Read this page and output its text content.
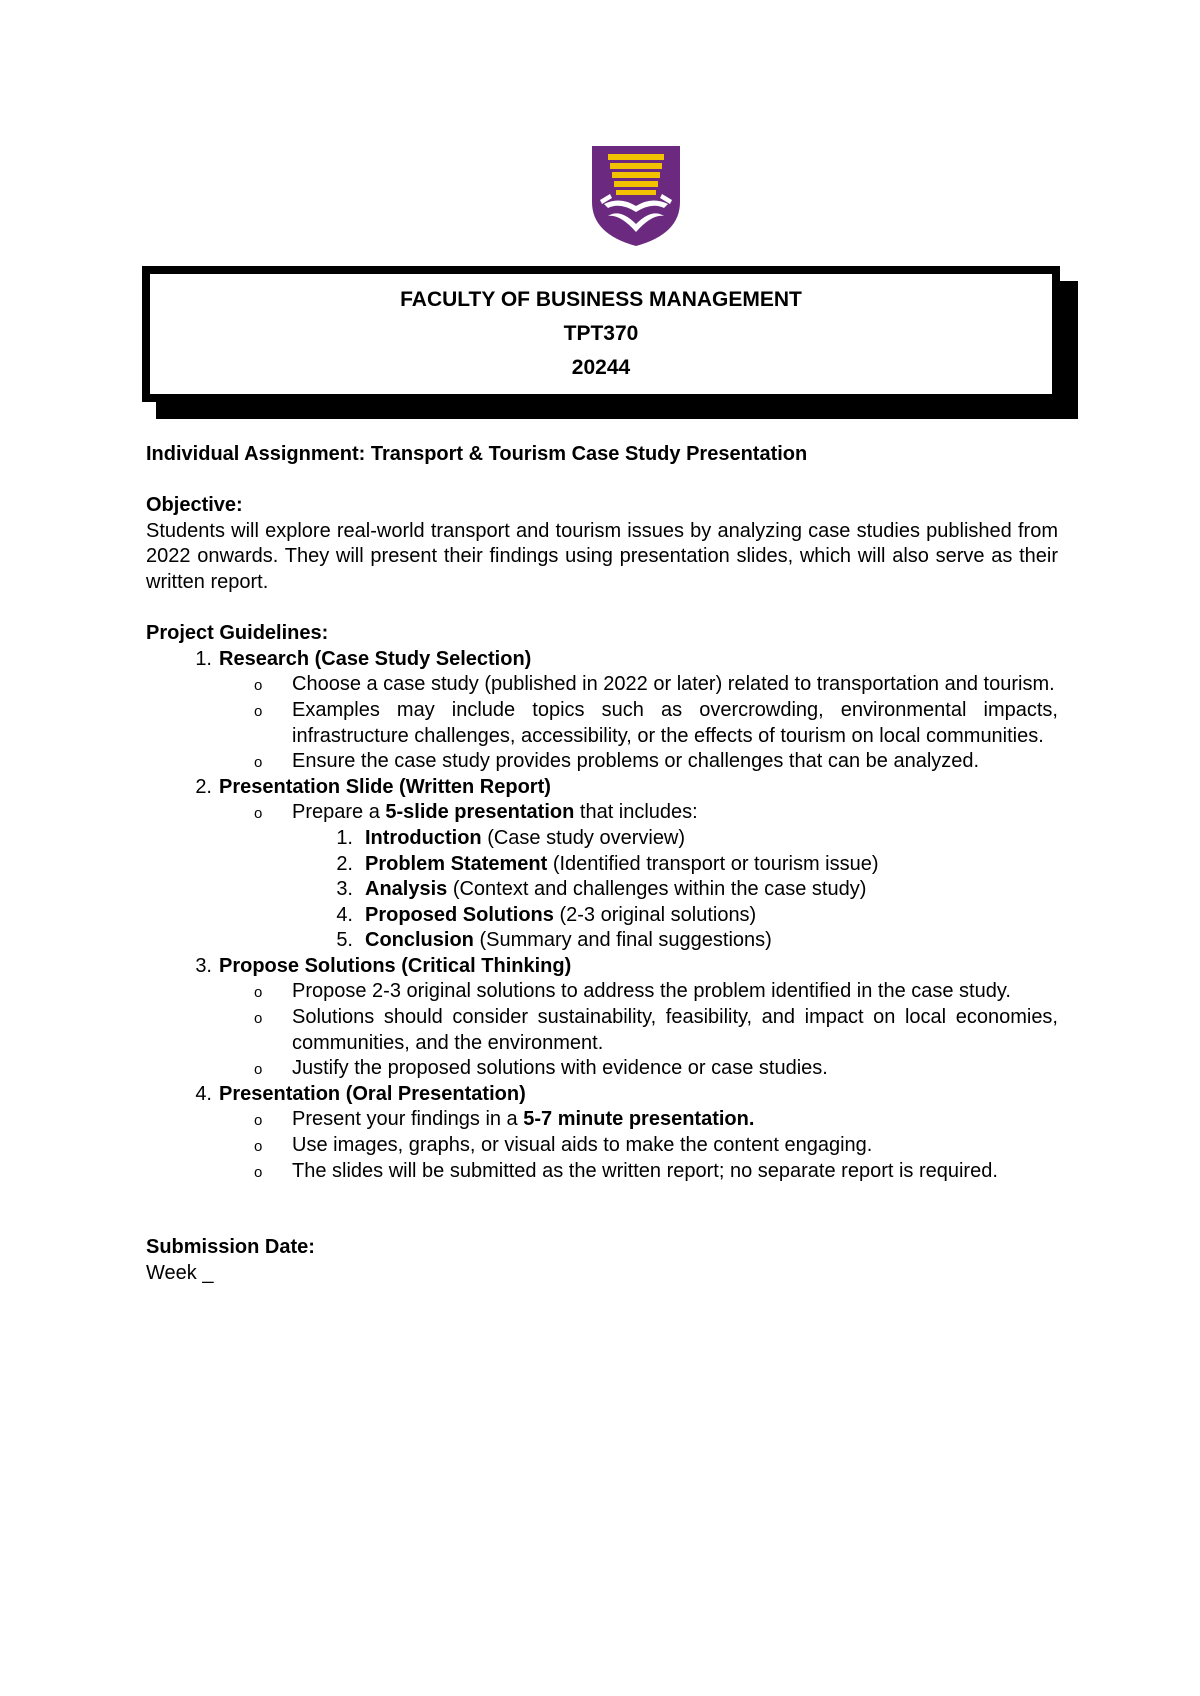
FACULTY OF BUSINESS MANAGEMENT
TPT370
20244

Individual Assignment: Transport & Tourism Case Study Presentation

Objective:

Students will explore real-world transport and tourism issues by analyzing case studies published from 2022 onwards. They will present their findings using presentation slides, which will also serve as their written report.

Project Guidelines:

1. Research (Case Study Selection)
o Choose a case study (published in 2022 or later) related to transportation and tourism.
o Examples may include topics such as overcrowding, environmental impacts, infrastructure challenges, accessibility, or the effects of tourism on local communities.
o Ensure the case study provides problems or challenges that can be analyzed.
2. Presentation Slide (Written Report)
o Prepare a 5-slide presentation that includes:
1. Introduction (Case study overview)
2. Problem Statement (Identified transport or tourism issue)
3. Analysis (Context and challenges within the case study)
4. Proposed Solutions (2-3 original solutions)
5. Conclusion (Summary and final suggestions)
3. Propose Solutions (Critical Thinking)
o Propose 2-3 original solutions to address the problem identified in the case study.
o Solutions should consider sustainability, feasibility, and impact on local economies, communities, and the environment.
o Justify the proposed solutions with evidence or case studies.
4. Presentation (Oral Presentation)
o Present your findings in a 5-7 minute presentation.
o Use images, graphs, or visual aids to make the content engaging.
o The slides will be submitted as the written report; no separate report is required.

Submission Date:

Week _
